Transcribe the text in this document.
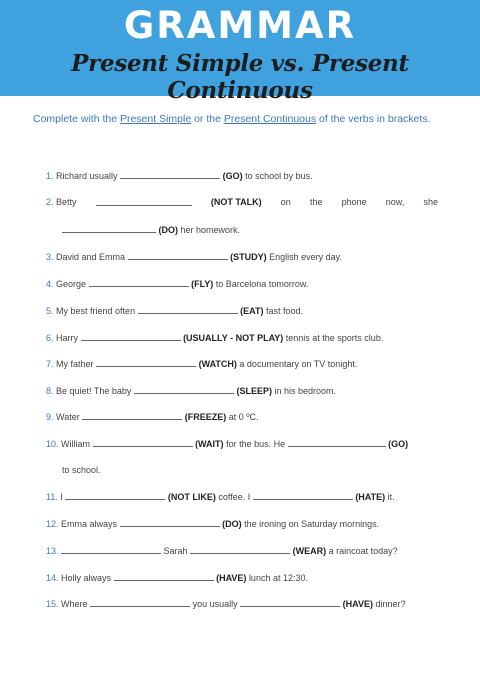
GRAMMAR
Present Simple vs. Present Continuous
Complete with the Present Simple or the Present Continuous of the verbs in brackets.
1. Richard usually	(GO) to school by bus.
2. Betty	(NOT TALK) on the phone now, she
(DO) her homework.
3. David and Emma	(STUDY) English every day.
4. George	(FLY) to Barcelona tomorrow.
5. My best friend often	(EAT) fast food.
6. Harry	(USUALLY - NOT PLAY) tennis at the sports club.
7. My father	(WATCH) a documentary on TV tonight.
8. Be quiet! The baby	(SLEEP) in his bedroom.
9. Water	(FREEZE) at 0 ºC.
10. William	(WAIT) for the bus. He	(GO)
to school.
11. I	(NOT LIKE) coffee. I	(HATE) it.
12. Emma always	(DO) the ironing on Saturday mornings.
13.	Sarah	(WEAR) a raincoat today?
14. Holly always	(HAVE) lunch at 12:30.
15. Where	you usually	(HAVE) dinner?
